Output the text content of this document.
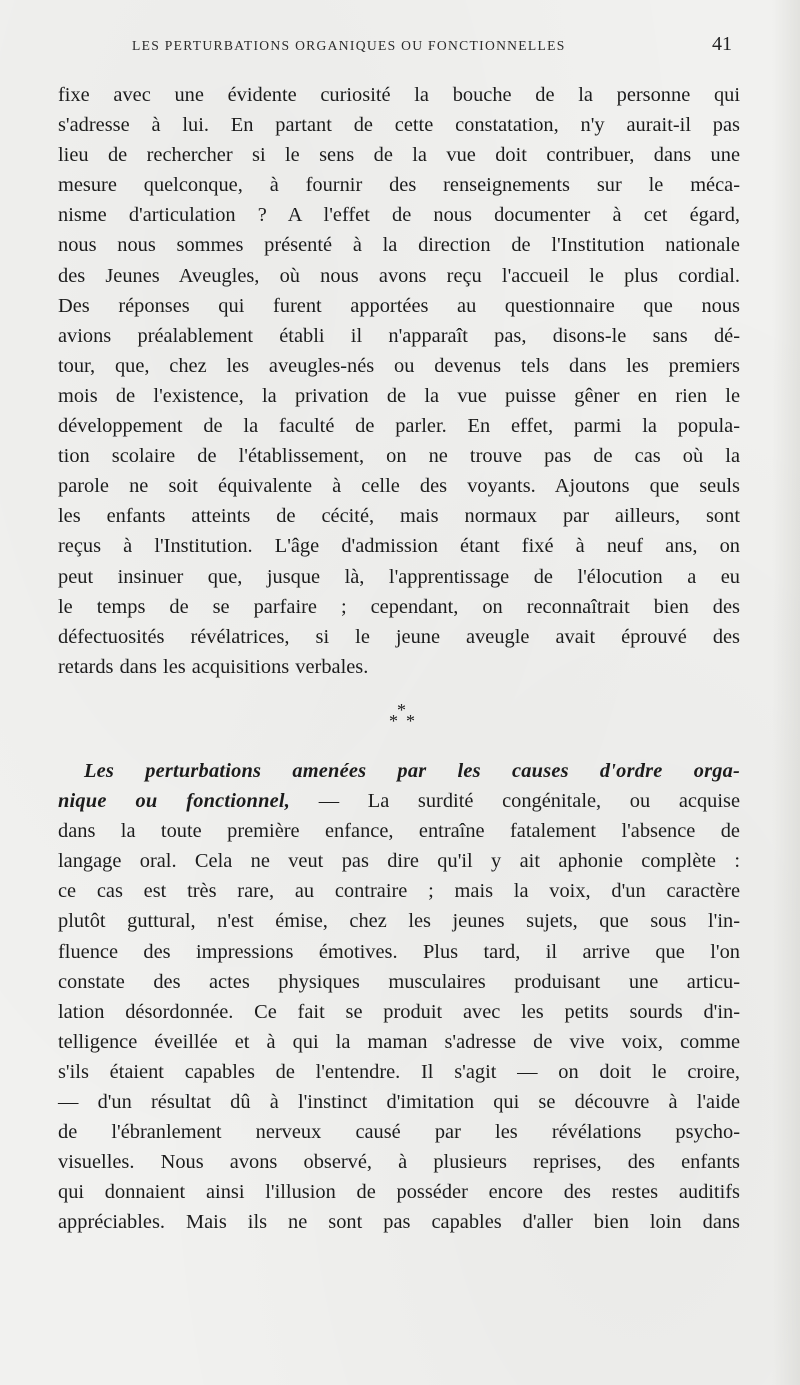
LES PERTURBATIONS ORGANIQUES OU FONCTIONNELLES	41
fixe avec une évidente curiosité la bouche de la personne qui
s'adresse à lui. En partant de cette constatation, n'y aurait-il pas
lieu de rechercher si le sens de la vue doit contribuer, dans une
mesure quelconque, à fournir des renseignements sur le méca-
nisme d'articulation ? A l'effet de nous documenter à cet égard,
nous nous sommes présenté à la direction de l'Institution nationale
des Jeunes Aveugles, où nous avons reçu l'accueil le plus cordial.
Des réponses qui furent apportées au questionnaire que nous
avions préalablement établi il n'apparaît pas, disons-le sans dé-
tour, que, chez les aveugles-nés ou devenus tels dans les premiers
mois de l'existence, la privation de la vue puisse gêner en rien le
développement de la faculté de parler. En effet, parmi la popula-
tion scolaire de l'établissement, on ne trouve pas de cas où la
parole ne soit équivalente à celle des voyants. Ajoutons que seuls
les enfants atteints de cécité, mais normaux par ailleurs, sont
reçus à l'Institution. L'âge d'admission étant fixé à neuf ans, on
peut insinuer que, jusque là, l'apprentissage de l'élocution a eu
le temps de se parfaire ; cependant, on reconnaîtrait bien des
défectuosités révélatrices, si le jeune aveugle avait éprouvé des
retards dans les acquisitions verbales.
*
* *
Les perturbations amenées par les causes d'ordre orga-
nique ou fonctionnel, — La surdité congénitale, ou acquise
dans la toute première enfance, entraîne fatalement l'absence de
langage oral. Cela ne veut pas dire qu'il y ait aphonie complète :
ce cas est très rare, au contraire ; mais la voix, d'un caractère
plutôt guttural, n'est émise, chez les jeunes sujets, que sous l'in-
fluence des impressions émotives. Plus tard, il arrive que l'on
constate des actes physiques musculaires produisant une articu-
lation désordonnée. Ce fait se produit avec les petits sourds d'in-
telligence éveillée et à qui la maman s'adresse de vive voix, comme
s'ils étaient capables de l'entendre. Il s'agit — on doit le croire,
— d'un résultat dû à l'instinct d'imitation qui se découvre à l'aide
de l'ébranlement nerveux causé par les révélations psycho-
visuelles. Nous avons observé, à plusieurs reprises, des enfants
qui donnaient ainsi l'illusion de posséder encore des restes auditifs
appréciables. Mais ils ne sont pas capables d'aller bien loin dans
